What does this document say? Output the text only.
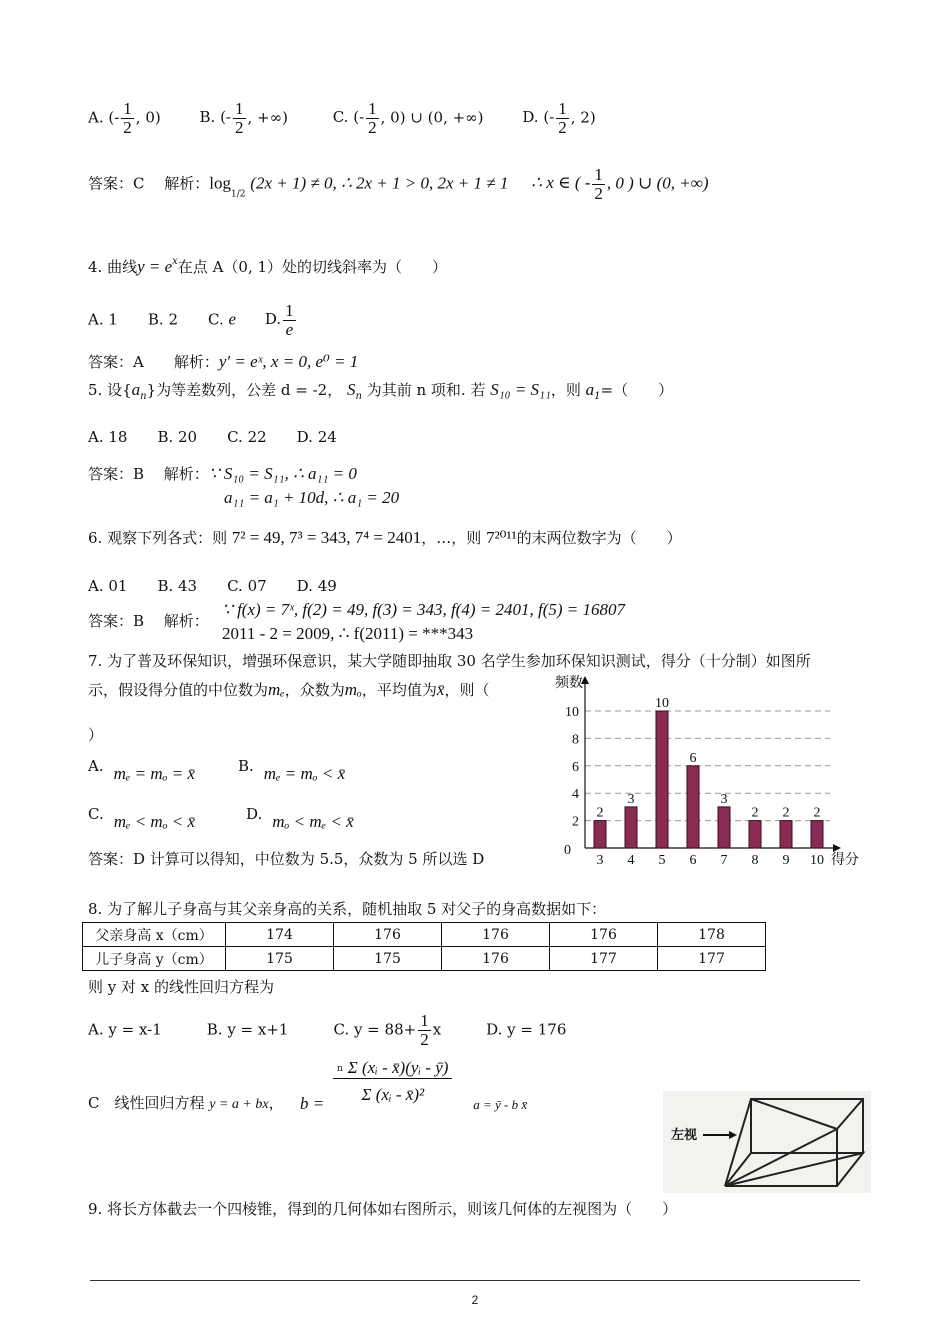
A. (- $\frac{1}{2}$ , 0)	B. (- $\frac{1}{2}$ , +∞)	C. (- $\frac{1}{2}$ , 0) ∪ (0, +∞)	D. (- $\frac{1}{2}$ , 2)
答案：C　 解析：$\log_{1/2} (2x + 1) \ne 0$, ∴ 2x + 1 > 0, 2x + 1 ≠ 1 ∴ x ∈ ( - $\frac{1}{2}$ , 0 ) ∪ (0, +∞)
4. 曲线$y = e^x$在点 A（0, 1）处的切线斜率为（　　）
A. 1　　B. 2　　C. e D. $\frac{1}{e}$
答案：A　　解析：y′ = eˣ, x = 0, e⁰ = 1
5. 设$\{a_n\}$为等差数列，公差 d = -2， $S_n$ 为其前 n 项和. 若 S₁₀ = S₁₁，则 $a_1=$（　　）
A. 18　　B. 20　　C. 22　　D. 24
答案：B　 解析：∵ S₁₀ = S₁₁, ∴ a₁₁ = 0
a₁₁ = a₁ + 10d, ∴ a₁ = 20
6. 观察下列各式：则 7² = 49, 7³ = 343, 7⁴ = 2401，…，则 7²⁰¹¹的末两位数字为（　　）
A. 01　　B. 43　　C. 07　　D. 49
答案：B　 解析：
∵ f(x) = 7ˣ, f(2) = 49, f(3) = 343, f(4) = 2401, f(5) = 16807
2011 - 2 = 2009, ∴ f(2011) = ***343
7. 为了普及环保知识，增强环保意识，某大学随即抽取 30 名学生参加环保知识测试，得分（十分制）如图所
示，假设得分值的中位数为mₑ，众数为mₒ，平均值为x̄，则（
）
A. mₑ = mₒ = x̄	B. mₑ = mₒ < x̄
C. mₑ < mₒ < x̄	D. mₒ < mₑ < x̄
答案：D 计算可以得知，中位数为 5.5，众数为 5 所以选 D	0
2
4
6
8
10
频数
得分
2
3
3
4
10
5
6
6
3
7
2
8
2
9
2
10
8. 为了解儿子身高与其父亲身高的关系，随机抽取 5 对父子的身高数据如下：
父亲身高 x（cm）	174	176	176	176	178
儿子身高 y（cm）	175	175	176	177	177
则 y 对 x 的线性回归方程为
A. y = x-1　　　B. y = x+1　　　C. $y = 88+ \frac{1}{2}$ x　　　D. y = 176
C　线性回归方程 y = a + bx， $b = \frac{\text{n Σ (xᵢ - x̄)(yᵢ - ȳ)}}{\text{Σ (xᵢ - x̄)²}}$ a = ȳ - b x̄
左视
9. 将长方体截去一个四棱锥，得到的几何体如右图所示，则该几何体的左视图为（　　）
2
